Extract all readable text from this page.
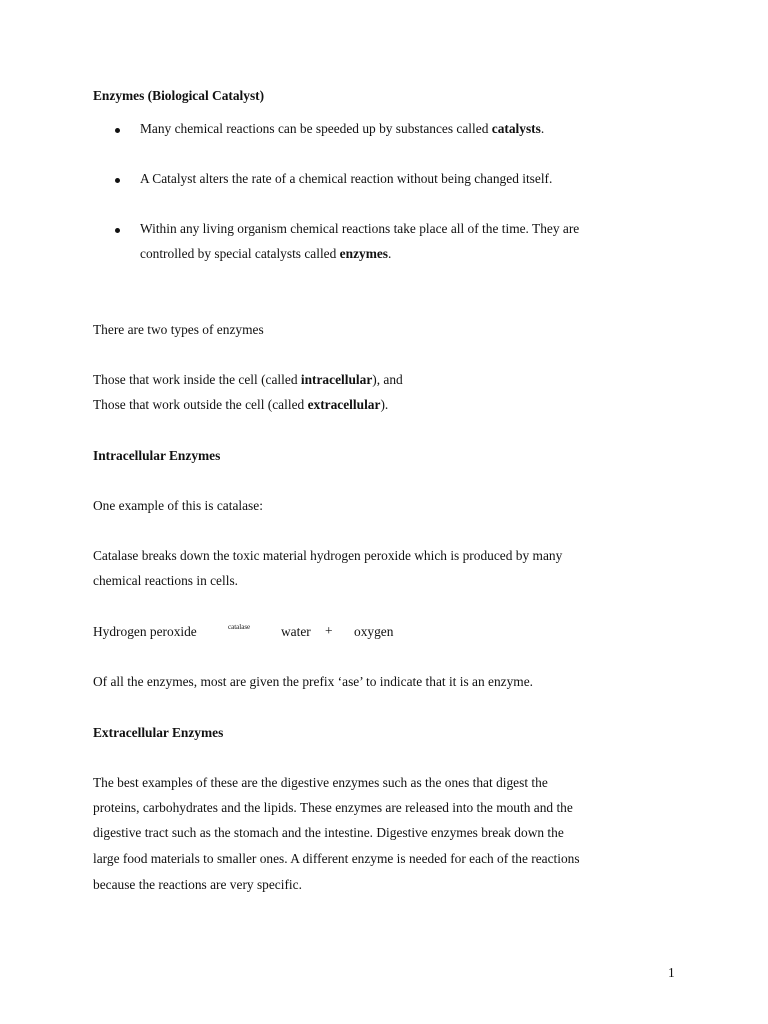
Enzymes (Biological Catalyst)
Many chemical reactions can be speeded up by substances called catalysts.
A Catalyst alters the rate of a chemical reaction without being changed itself.
Within any living organism chemical reactions take place all of the time. They are
controlled by special catalysts called enzymes.
There are two types of enzymes
Those that work inside the cell (called intracellular), and
Those that work outside the cell (called extracellular).
Intracellular Enzymes
One example of this is catalase:
Catalase breaks down the toxic material hydrogen peroxide which is produced by many
chemical reactions in cells.
Hydrogen peroxide	catalase water + oxygen
Of all the enzymes, most are given the prefix ‘ase’ to indicate that it is an enzyme.
Extracellular Enzymes
The best examples of these are the digestive enzymes such as the ones that digest the
proteins, carbohydrates and the lipids. These enzymes are released into the mouth and the
digestive tract such as the stomach and the intestine. Digestive enzymes break down the
large food materials to smaller ones. A different enzyme is needed for each of the reactions
because the reactions are very specific.
1
